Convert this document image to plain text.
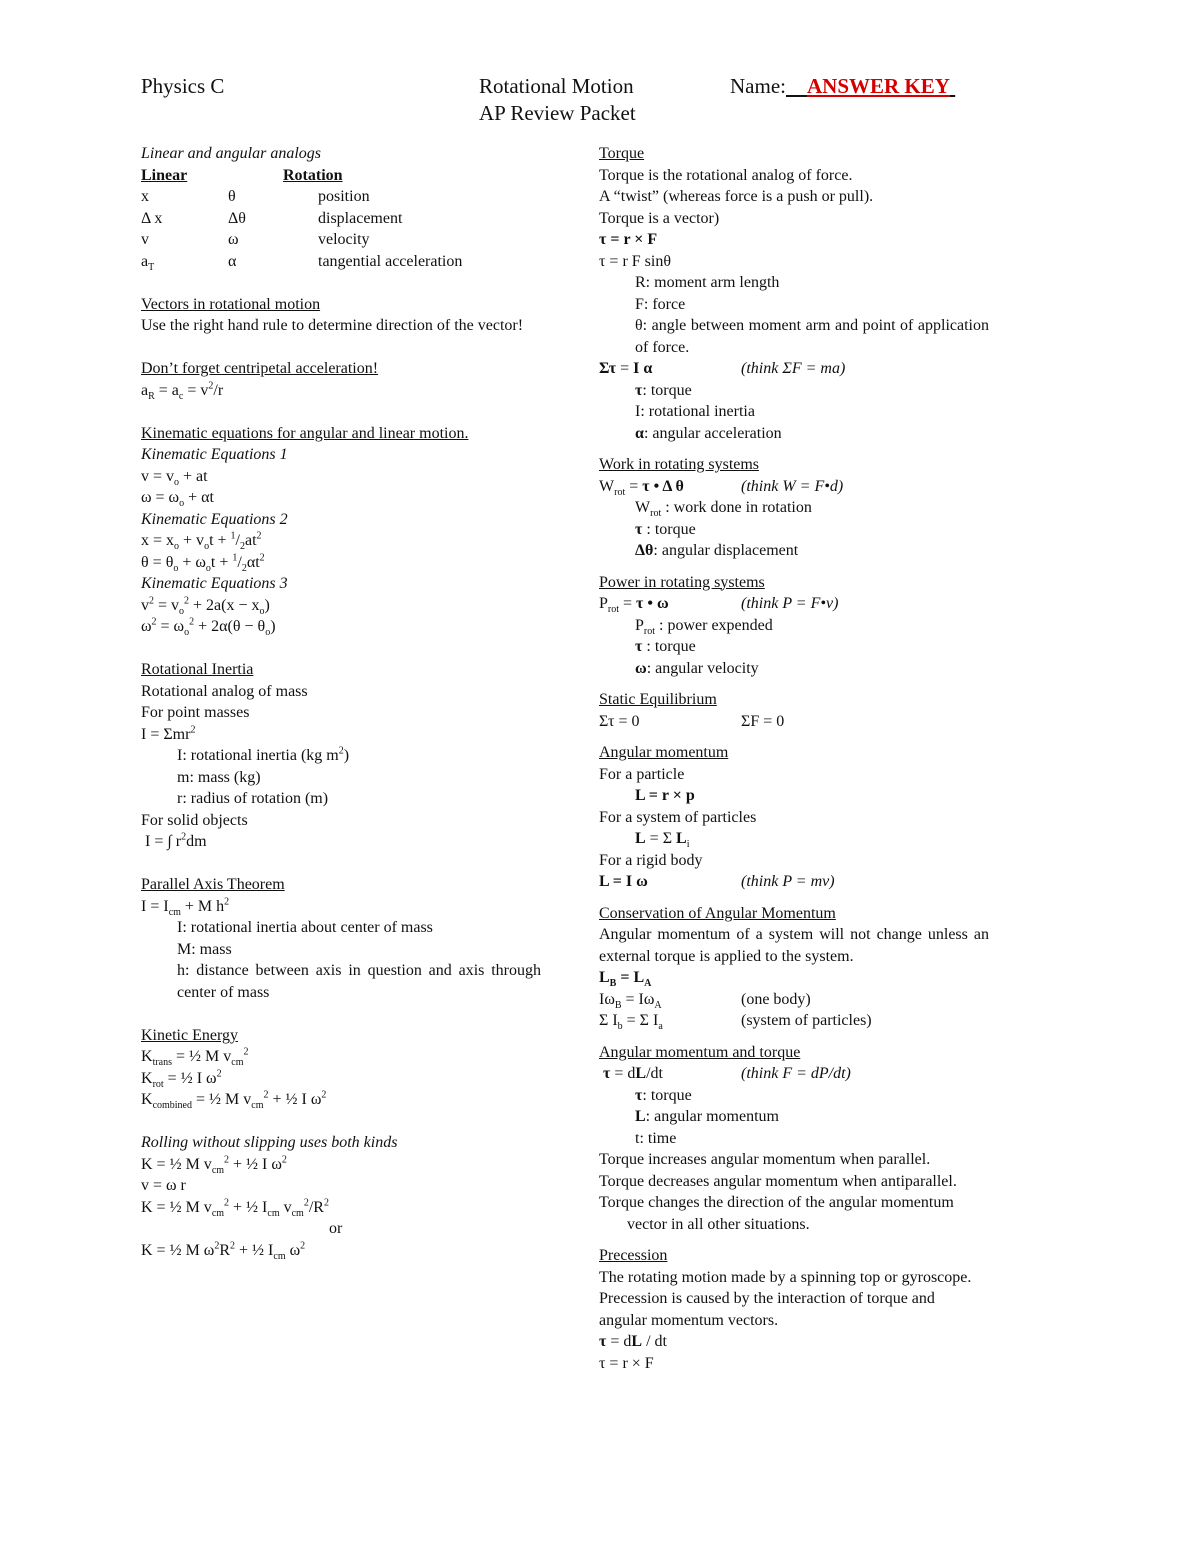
Physics C	Rotational Motion
AP Review Packet
Name: ANSWER KEY
Linear and angular analogs
Linear	Rotation
x	θ	position
Δ x	Δθ	displacement
v	ω	velocity
$a_T$	α	tangential acceleration
Vectors in rotational motion
Use the right hand rule to determine direction of the vector!
Don’t forget centripetal acceleration!
$a_R = a_c = v^2/r$
Kinematic equations for angular and linear motion.
Kinematic Equations 1
$v = v_o$ + at
$\omega = \omega_o + \alpha t$
Kinematic Equations 2
$x = x_o + v_ot + ^1/_2at^2$
$\theta = \theta_o + \omega_ot + ^1/_2\alpha t^2$
Kinematic Equations 3
$v^2 = v_o^2 + 2a(x - x_o)$
$\omega^2 = \omega_o^2 + 2\alpha(\theta - \theta_o)$
Rotational Inertia
Rotational analog of mass
For point masses
I = Σmr$^2$
I: rotational inertia (kg $m^2$)
m: mass (kg)
r: radius of rotation (m)
For solid objects
I = ∫ $r^2dm$
Parallel Axis Theorem
$I = I_{cm} + M$ $h^2$
I: rotational inertia about center of mass
M: mass
h: distance between axis in question and axis through center of mass
Kinetic Energy
$K_{trans}$ = ½ M $v_{cm}^2$
$K_{rot}$ = ½ I $\omega^2$
$K_{combined}$ = ½ M $v_{cm}^2$ + ½ I $\omega^2$
Rolling without slipping uses both kinds
K = ½ M $v_{cm}^2$ + ½ I $\omega^2$
v = ω r
K = ½ M $v_{cm}^2$ + ½ $I_{cm}$ $v_{cm}^2/R^2$
or
K = ½ M $\omega^2R^2$ + ½ $I_{cm}$ $\omega^2$
Torque
Torque is the rotational analog of force.
A “twist” (whereas force is a push or pull).
Torque is a vector)
τ = r × F
τ = r F sinθ
R: moment arm length
F: force
θ: angle between moment arm and point of application of force.
Στ = I α	(think ΣF = ma)
τ: torque
I: rotational inertia
α: angular acceleration
Work in rotating systems
$W_{rot} = \tau$ • Δ θ	(think W = F•d)
$W_{rot}$ : work done in rotation
τ : torque
Δθ: angular displacement
Power in rotating systems
$P_{rot} = \tau$ • ω	(think P = F•v)
$P_{rot}$ : power expended
τ : torque
ω: angular velocity
Static Equilibrium
Στ = 0	ΣF = 0
Angular momentum
For a particle
L = r × p
For a system of particles
L = Σ $L_i$
For a rigid body
L = I ω	(think P = mv)
Conservation of Angular Momentum
Angular momentum of a system will not change unless an external torque is applied to the system.
$L_B = L_A$
$I\omega_B = I\omega_A$	(one body)
Σ $I_b = \Sigma$ $I_a$	(system of particles)
Angular momentum and torque
τ = dL/dt	(think F = dP/dt)
τ: torque
L: angular momentum
t: time
Torque increases angular momentum when parallel.
Torque decreases angular momentum when antiparallel.
Torque changes the direction of the angular momentum
vector in all other situations.
Precession
The rotating motion made by a spinning top or gyroscope.
Precession is caused by the interaction of torque and
angular momentum vectors.
τ = dL / dt
τ = r × F
